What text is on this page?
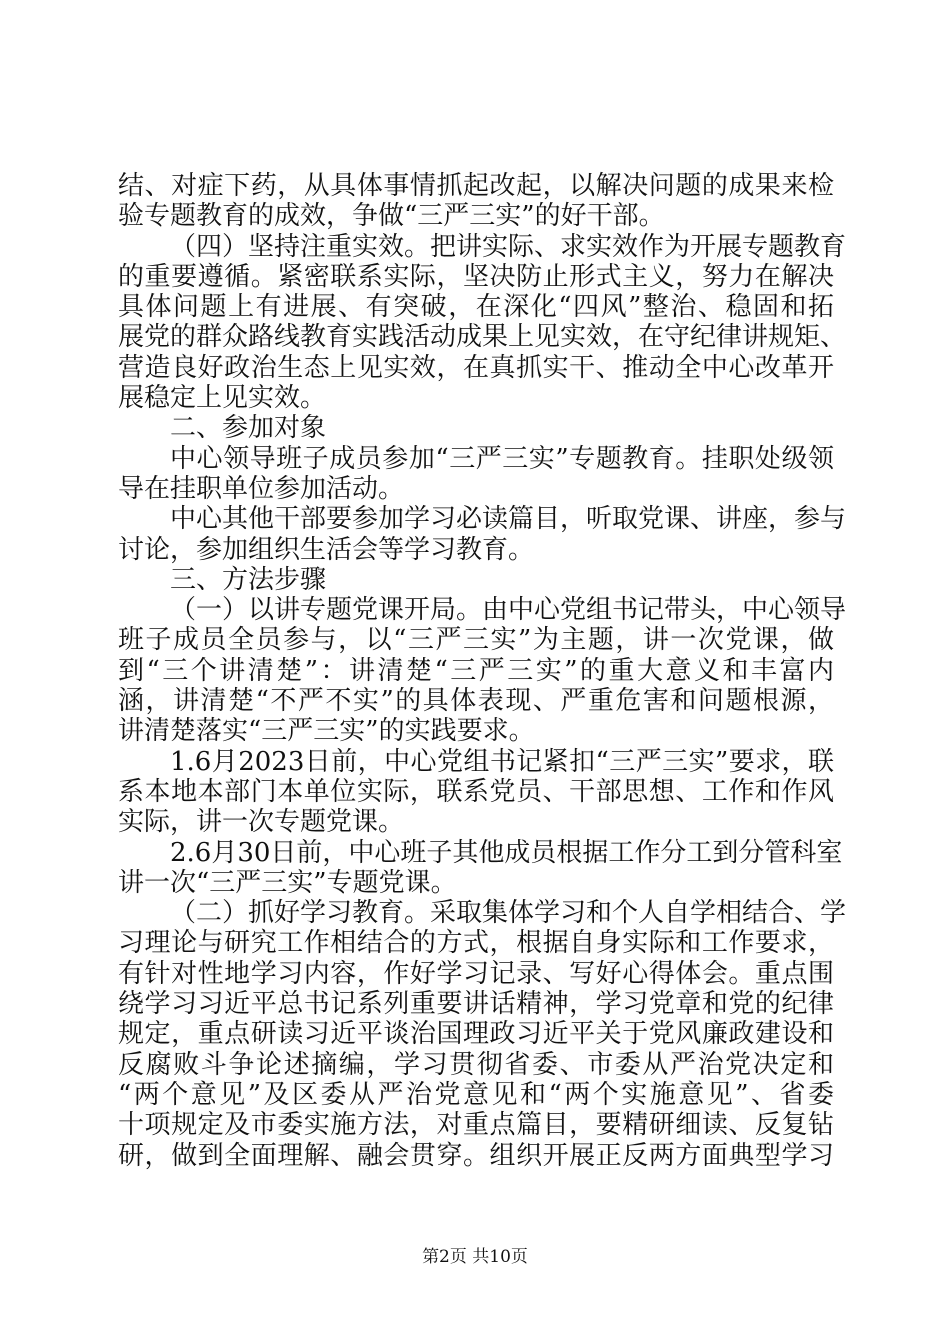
结、对症下药，从具体事情抓起改起，以解决问题的成果来检
验专题教育的成效，争做“三严三实”的好干部。
（四）坚持注重实效。把讲实际、求实效作为开展专题教育
的重要遵循。紧密联系实际，坚决防止形式主义，努力在解决
具体问题上有进展、有突破，在深化“四风”整治、稳固和拓
展党的群众路线教育实践活动成果上见实效，在守纪律讲规矩、
营造良好政治生态上见实效，在真抓实干、推动全中心改革开
展稳定上见实效。
二、参加对象
中心领导班子成员参加“三严三实”专题教育。挂职处级领
导在挂职单位参加活动。
中心其他干部要参加学习必读篇目，听取党课、讲座，参与
讨论，参加组织生活会等学习教育。
三、方法步骤
（一）以讲专题党课开局。由中心党组书记带头，中心领导
班子成员全员参与，以“三严三实”为主题，讲一次党课，做
到“三个讲清楚”：讲清楚“三严三实”的重大意义和丰富内
涵，讲清楚“不严不实”的具体表现、严重危害和问题根源，
讲清楚落实“三严三实”的实践要求。
1.6月2023日前，中心党组书记紧扣“三严三实”要求，联
系本地本部门本单位实际，联系党员、干部思想、工作和作风
实际，讲一次专题党课。
2.6月30日前，中心班子其他成员根据工作分工到分管科室
讲一次“三严三实”专题党课。
（二）抓好学习教育。采取集体学习和个人自学相结合、学
习理论与研究工作相结合的方式，根据自身实际和工作要求，
有针对性地学习内容，作好学习记录、写好心得体会。重点围
绕学习习近平总书记系列重要讲话精神，学习党章和党的纪律
规定，重点研读习近平谈治国理政习近平关于党风廉政建设和
反腐败斗争论述摘编，学习贯彻省委、市委从严治党决定和
“两个意见”及区委从严治党意见和“两个实施意见”、省委
十项规定及市委实施方法，对重点篇目，要精研细读、反复钻
研，做到全面理解、融会贯穿。组织开展正反两方面典型学习
第2页 共10页
